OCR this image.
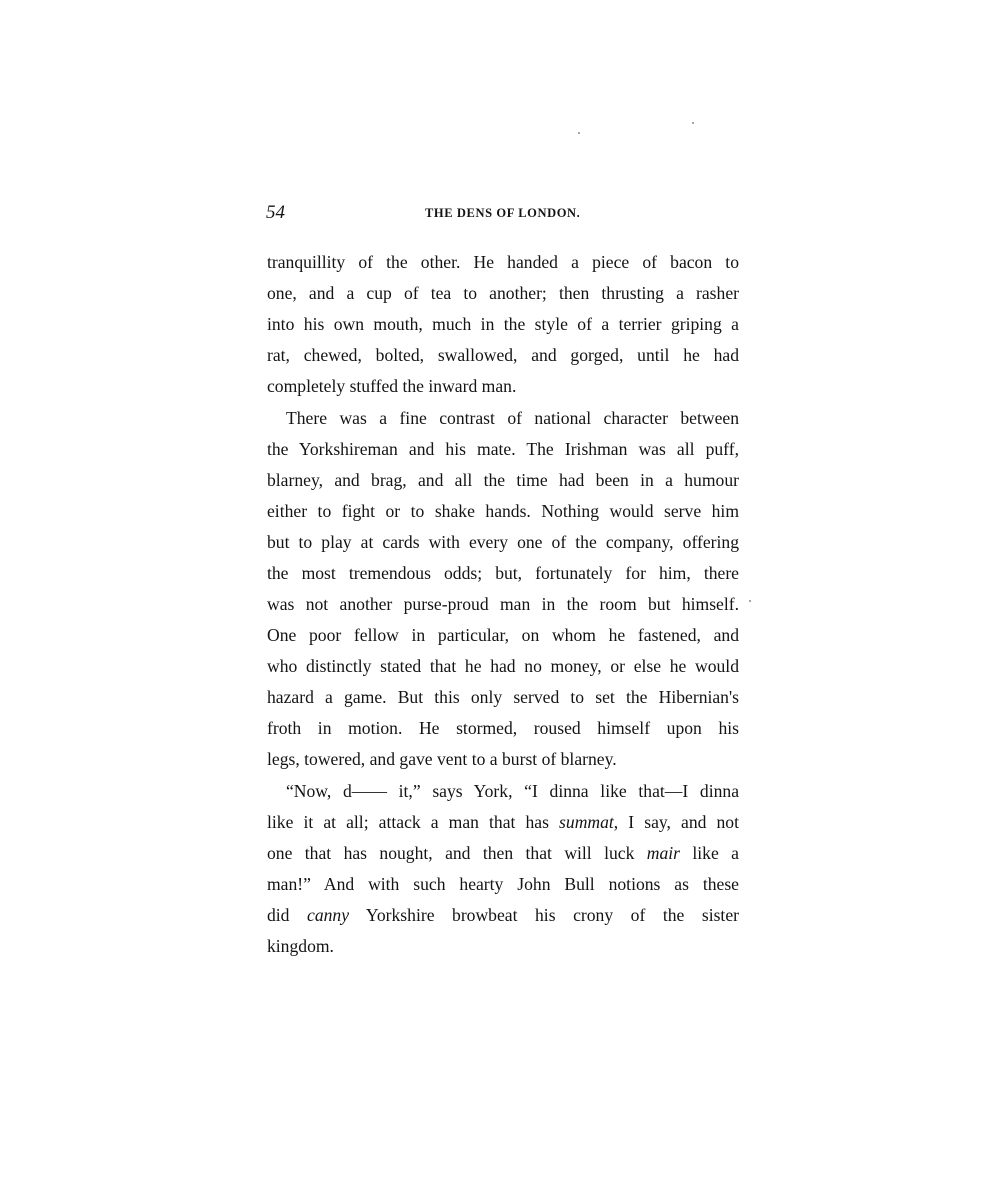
54	THE DENS OF LONDON.
tranquillity of the other. He handed a piece of bacon to
one, and a cup of tea to another; then thrusting a rasher
into his own mouth, much in the style of a terrier griping a
rat, chewed, bolted, swallowed, and gorged, until he had
completely stuffed the inward man.
There was a fine contrast of national character between
the Yorkshireman and his mate. The Irishman was all puff,
blarney, and brag, and all the time had been in a humour
either to fight or to shake hands. Nothing would serve him
but to play at cards with every one of the company, offering
the most tremendous odds; but, fortunately for him, there
was not another purse-proud man in the room but himself.
One poor fellow in particular, on whom he fastened, and
who distinctly stated that he had no money, or else he would
hazard a game. But this only served to set the Hibernian's
froth in motion. He stormed, roused himself upon his
legs, towered, and gave vent to a burst of blarney.
“Now, d—— it,” says York, “I dinna like that—I dinna
like it at all; attack a man that has summat, I say, and not
one that has nought, and then that will luck mair like a
man!” And with such hearty John Bull notions as these
did canny Yorkshire browbeat his crony of the sister
kingdom.
